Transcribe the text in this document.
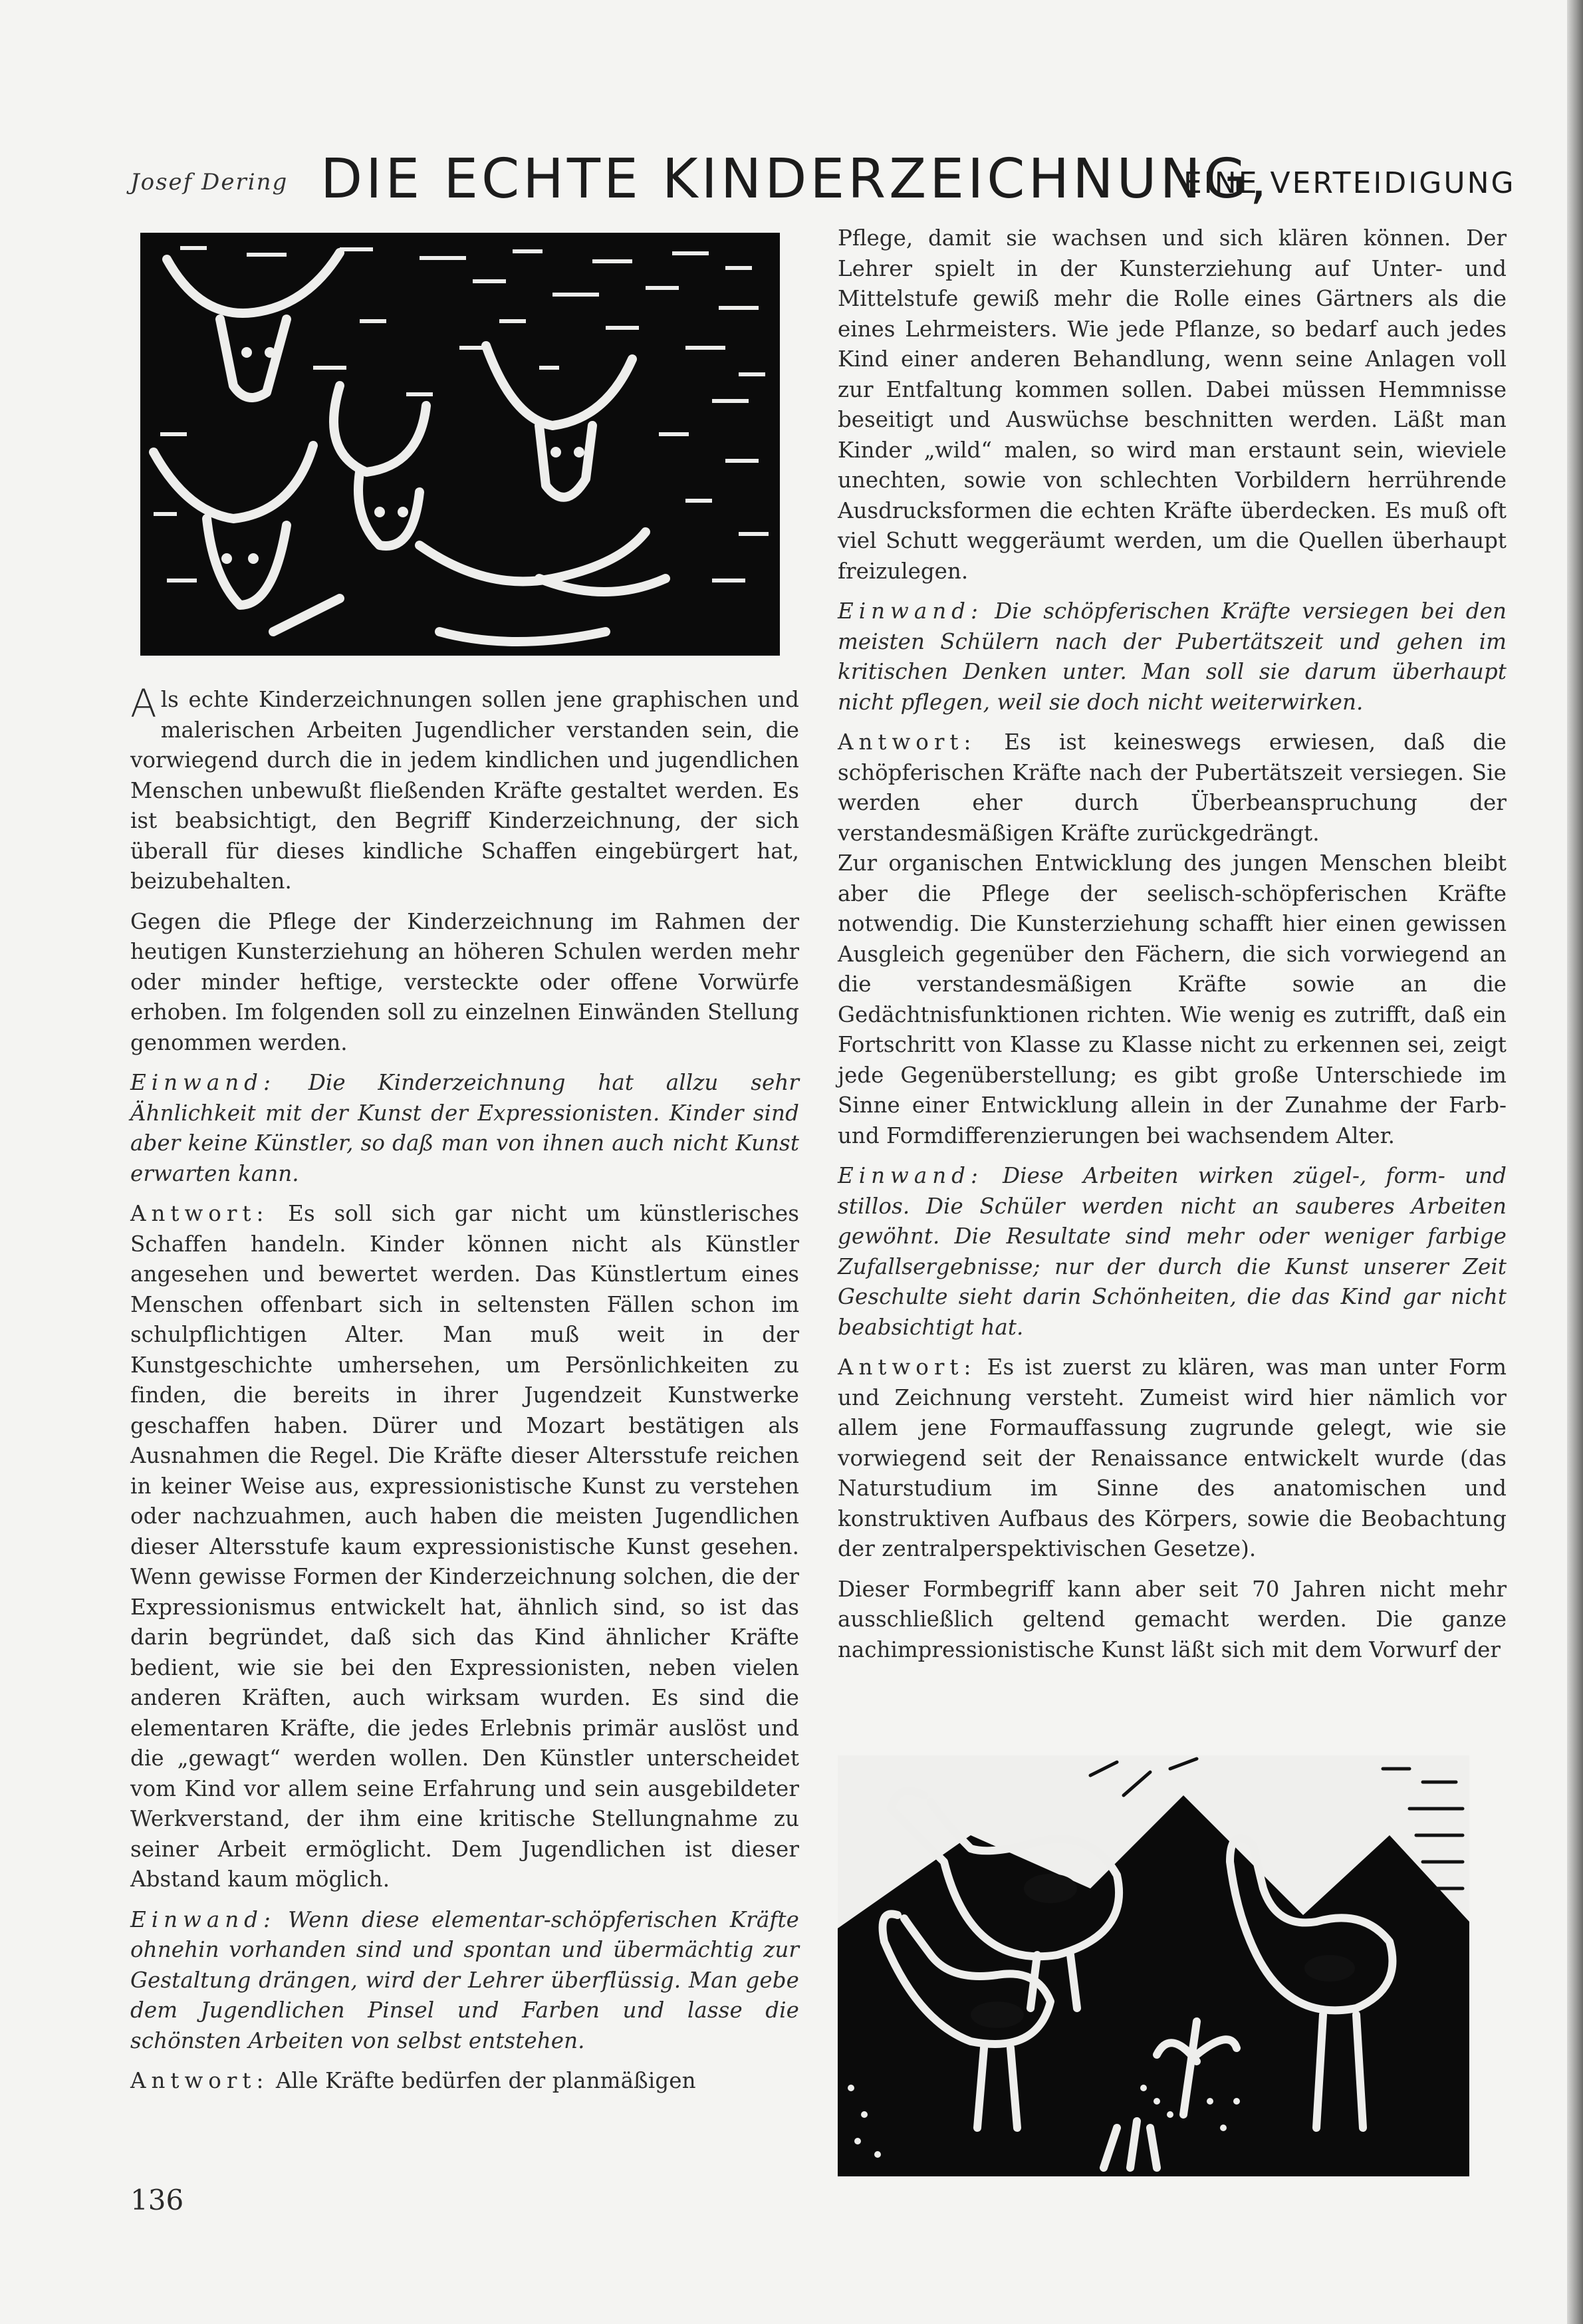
Josef Dering DIE ECHTE KINDERZEICHNUNG,
EINE VERTEIDIGUNG

Als echte Kinderzeichnungen sollen jene graphischen und malerischen Arbeiten Jugendlicher verstanden sein, die vorwiegend durch die in jedem kindlichen und jugendlichen Menschen unbewußt fließenden Kräfte gestaltet werden. Es ist beabsichtigt, den Begriff Kinderzeichnung, der sich überall für dieses kindliche Schaffen eingebürgert hat, beizubehalten.

Gegen die Pflege der Kinderzeichnung im Rahmen der heutigen Kunsterziehung an höheren Schulen werden mehr oder minder heftige, versteckte oder offene Vorwürfe erhoben. Im folgenden soll zu einzelnen Einwänden Stellung genommen werden.

Einwand: Die Kinderzeichnung hat allzu sehr Ähnlichkeit mit der Kunst der Expressionisten. Kinder sind aber keine Künstler, so daß man von ihnen auch nicht Kunst erwarten kann.

Antwort: Es soll sich gar nicht um künstlerisches Schaffen handeln. Kinder können nicht als Künstler angesehen und bewertet werden. Das Künstlertum eines Menschen offenbart sich in seltensten Fällen schon im schulpflichtigen Alter. Man muß weit in der Kunstgeschichte umhersehen, um Persönlichkeiten zu finden, die bereits in ihrer Jugendzeit Kunstwerke geschaffen haben. Dürer und Mozart bestätigen als Ausnahmen die Regel. Die Kräfte dieser Altersstufe reichen in keiner Weise aus, expressionistische Kunst zu verstehen oder nachzuahmen, auch haben die meisten Jugendlichen dieser Altersstufe kaum expressionistische Kunst gesehen. Wenn gewisse Formen der Kinderzeichnung solchen, die der Expressionismus entwickelt hat, ähnlich sind, so ist das darin begründet, daß sich das Kind ähnlicher Kräfte bedient, wie sie bei den Expressionisten, neben vielen anderen Kräften, auch wirksam wurden. Es sind die elementaren Kräfte, die jedes Erlebnis primär auslöst und die „gewagt“ werden wollen. Den Künstler unterscheidet vom Kind vor allem seine Erfahrung und sein ausgebildeter Werkverstand, der ihm eine kritische Stellungnahme zu seiner Arbeit ermöglicht. Dem Jugendlichen ist dieser Abstand kaum möglich.

Einwand: Wenn diese elementar-schöpferischen Kräfte ohnehin vorhanden sind und spontan und übermächtig zur Gestaltung drängen, wird der Lehrer überflüssig. Man gebe dem Jugendlichen Pinsel und Farben und lasse die schönsten Arbeiten von selbst entstehen.

Antwort: Alle Kräfte bedürfen der planmäßigen

Pflege, damit sie wachsen und sich klären können. Der Lehrer spielt in der Kunsterziehung auf Unter- und Mittelstufe gewiß mehr die Rolle eines Gärtners als die eines Lehrmeisters. Wie jede Pflanze, so bedarf auch jedes Kind einer anderen Behandlung, wenn seine Anlagen voll zur Entfaltung kommen sollen. Dabei müssen Hemmnisse beseitigt und Auswüchse beschnitten werden. Läßt man Kinder „wild“ malen, so wird man erstaunt sein, wieviele unechten, sowie von schlechten Vorbildern herrührende Ausdrucksformen die echten Kräfte überdecken. Es muß oft viel Schutt weggeräumt werden, um die Quellen überhaupt freizulegen.

Einwand: Die schöpferischen Kräfte versiegen bei den meisten Schülern nach der Pubertätszeit und gehen im kritischen Denken unter. Man soll sie darum überhaupt nicht pflegen, weil sie doch nicht weiterwirken.

Antwort: Es ist keineswegs erwiesen, daß die schöpferischen Kräfte nach der Pubertätszeit versiegen. Sie werden eher durch Überbeanspruchung der verstandesmäßigen Kräfte zurückgedrängt.

Zur organischen Entwicklung des jungen Menschen bleibt aber die Pflege der seelisch-schöpferischen Kräfte notwendig. Die Kunsterziehung schafft hier einen gewissen Ausgleich gegenüber den Fächern, die sich vorwiegend an die verstandesmäßigen Kräfte sowie an die Gedächtnisfunktionen richten. Wie wenig es zutrifft, daß ein Fortschritt von Klasse zu Klasse nicht zu erkennen sei, zeigt jede Gegenüberstellung; es gibt große Unterschiede im Sinne einer Entwicklung allein in der Zunahme der Farb- und Formdifferenzierungen bei wachsendem Alter.

Einwand: Diese Arbeiten wirken zügel-, form- und stillos. Die Schüler werden nicht an sauberes Arbeiten gewöhnt. Die Resultate sind mehr oder weniger farbige Zufallsergebnisse; nur der durch die Kunst unserer Zeit Geschulte sieht darin Schönheiten, die das Kind gar nicht beabsichtigt hat.

Antwort: Es ist zuerst zu klären, was man unter Form und Zeichnung versteht. Zumeist wird hier nämlich vor allem jene Formauffassung zugrunde gelegt, wie sie vorwiegend seit der Renaissance entwickelt wurde (das Naturstudium im Sinne des anatomischen und konstruktiven Aufbaus des Körpers, sowie die Beobachtung der zentralperspektivischen Gesetze).

Dieser Formbegriff kann aber seit 70 Jahren nicht mehr ausschließlich geltend gemacht werden. Die ganze nachimpressionistische Kunst läßt sich mit dem Vorwurf der

136
